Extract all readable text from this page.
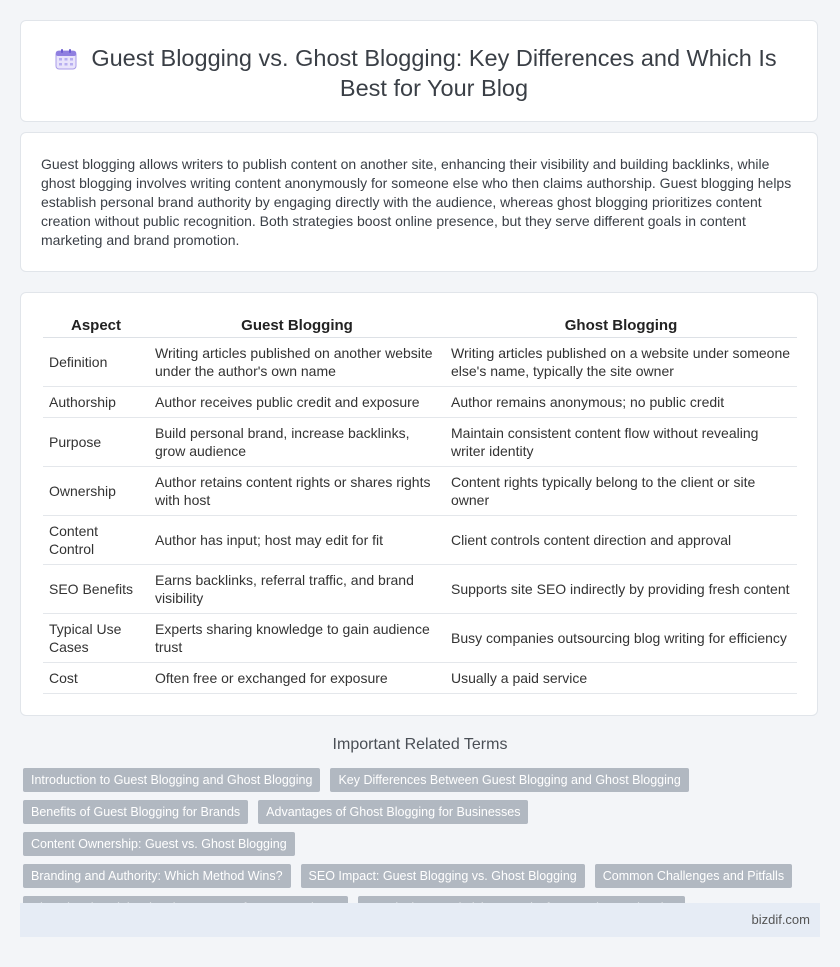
Guest Blogging vs. Ghost Blogging: Key Differences and Which Is Best for Your Blog

Guest blogging allows writers to publish content on another site, enhancing their visibility and building backlinks, while ghost blogging involves writing content anonymously for someone else who then claims authorship. Guest blogging helps establish personal brand authority by engaging directly with the audience, whereas ghost blogging prioritizes content creation without public recognition. Both strategies boost online presence, but they serve different goals in content marketing and brand promotion.

Aspect	Guest Blogging	Ghost Blogging
Definition	Writing articles published on another website under the author's own name	Writing articles published on a website under someone else's name, typically the site owner
Authorship	Author receives public credit and exposure	Author remains anonymous; no public credit
Purpose	Build personal brand, increase backlinks, grow audience	Maintain consistent content flow without revealing writer identity
Ownership	Author retains content rights or shares rights with host	Content rights typically belong to the client or site owner
Content Control	Author has input; host may edit for fit	Client controls content direction and approval
SEO Benefits	Earns backlinks, referral traffic, and brand visibility	Supports site SEO indirectly by providing fresh content
Typical Use Cases	Experts sharing knowledge to gain audience trust	Busy companies outsourcing blog writing for efficiency
Cost	Often free or exchanged for exposure	Usually a paid service
Important Related Terms
Introduction to Guest Blogging and Ghost Blogging Key Differences Between Guest Blogging and Ghost Blogging
Benefits of Guest Blogging for Brands Advantages of Ghost Blogging for BusinessesContent Ownership: Guest vs. Ghost Blogging
Branding and Authority: Which Method Wins? SEO Impact: Guest Blogging vs. Ghost Blogging Common Challenges and Pitfalls

bizdif.com
